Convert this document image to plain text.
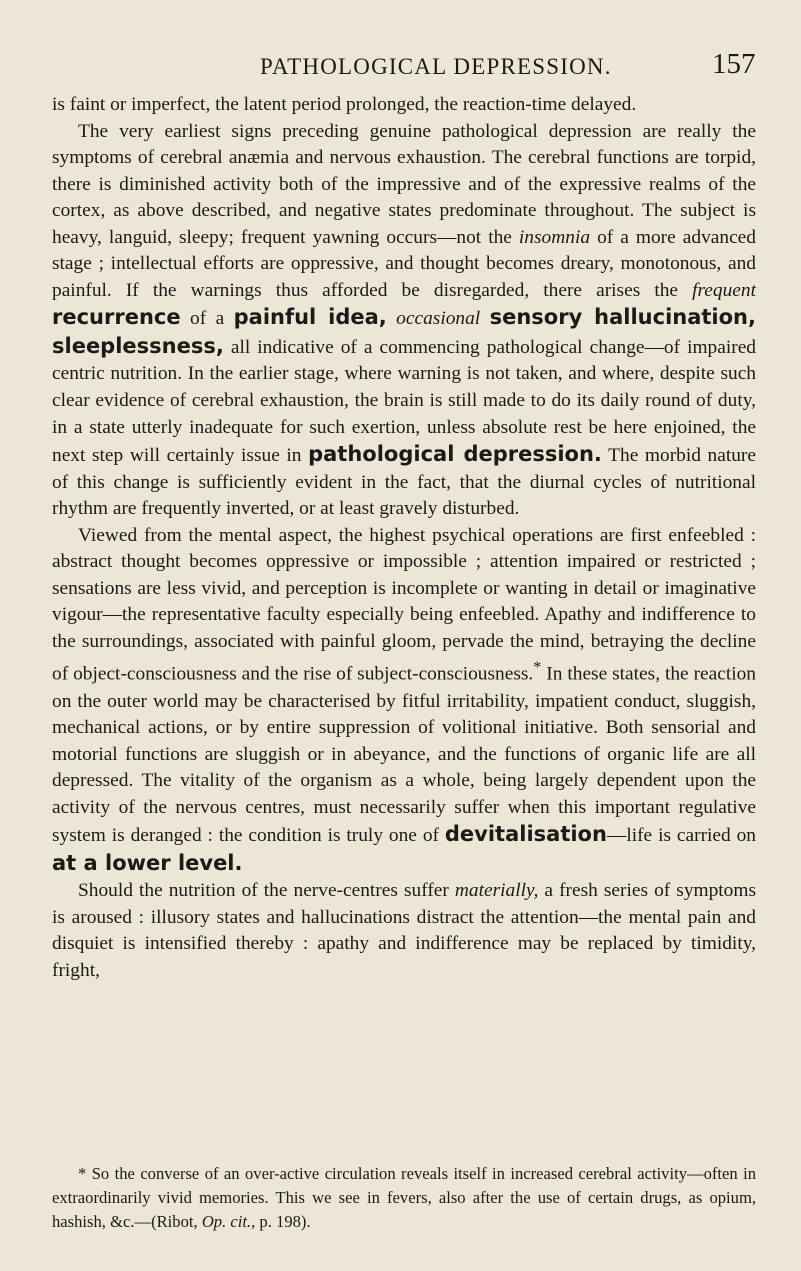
PATHOLOGICAL DEPRESSION.	157

is faint or imperfect, the latent period prolonged, the reaction-time delayed.

The very earliest signs preceding genuine pathological depression are really the symptoms of cerebral anæmia and nervous exhaustion. The cerebral functions are torpid, there is diminished activity both of the impressive and of the expressive realms of the cortex, as above described, and negative states predominate throughout. The subject is heavy, languid, sleepy; frequent yawning occurs—not the insomnia of a more advanced stage ; intellectual efforts are oppressive, and thought becomes dreary, monotonous, and painful. If the warnings thus afforded be disregarded, there arises the frequent recurrence of a painful idea, occasional sensory hallucination, sleeplessness, all indicative of a commencing pathological change—of impaired centric nutrition. In the earlier stage, where warning is not taken, and where, despite such clear evidence of cerebral exhaustion, the brain is still made to do its daily round of duty, in a state utterly inadequate for such exertion, unless absolute rest be here enjoined, the next step will certainly issue in pathological depression. The morbid nature of this change is sufficiently evident in the fact, that the diurnal cycles of nutritional rhythm are frequently inverted, or at least gravely disturbed.

Viewed from the mental aspect, the highest psychical operations are first enfeebled : abstract thought becomes oppressive or impossible ; attention impaired or restricted ; sensations are less vivid, and perception is incomplete or wanting in detail or imaginative vigour—the representative faculty especially being enfeebled. Apathy and indifference to the surroundings, associated with painful gloom, pervade the mind, betraying the decline of object-consciousness and the rise of subject-consciousness.* In these states, the reaction on the outer world may be characterised by fitful irritability, impatient conduct, sluggish, mechanical actions, or by entire suppression of volitional initiative. Both sensorial and motorial functions are sluggish or in abeyance, and the functions of organic life are all depressed. The vitality of the organism as a whole, being largely dependent upon the activity of the nervous centres, must necessarily suffer when this important regulative system is deranged : the condition is truly one of devitalisation—life is carried on at a lower level.

Should the nutrition of the nerve-centres suffer materially, a fresh series of symptoms is aroused : illusory states and hallucinations distract the attention—the mental pain and disquiet is intensified thereby : apathy and indifference may be replaced by timidity, fright,

* So the converse of an over-active circulation reveals itself in increased cerebral activity—often in extraordinarily vivid memories. This we see in fevers, also after the use of certain drugs, as opium, hashish, &c.—(Ribot, Op. cit., p. 198).
